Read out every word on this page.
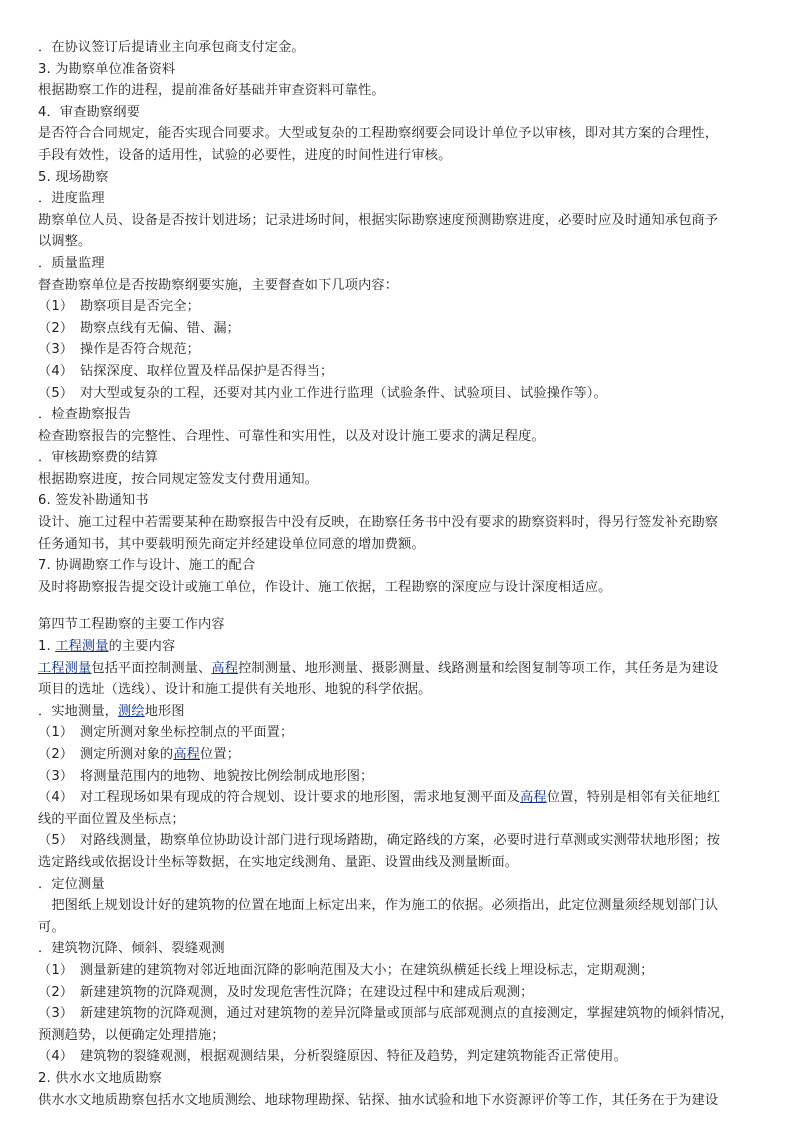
．在协议签订后提请业主向承包商支付定金。
3. 为勘察单位准备资料
根据勘察工作的进程，提前准备好基础并审查资料可靠性。
4．审查勘察纲要
是否符合合同规定，能否实现合同要求。大型或复杂的工程勘察纲要会同设计单位予以审核，即对其方案的合理性，
手段有效性，设备的适用性，试验的必要性，进度的时间性进行审核。
5. 现场勘察
．进度监理
勘察单位人员、设备是否按计划进场；记录进场时间，根据实际勘察速度预测勘察进度，必要时应及时通知承包商予
以调整。
．质量监理
督查勘察单位是否按勘察纲要实施，主要督查如下几项内容：
（1）　勘察项目是否完全；
（2）　勘察点线有无偏、错、漏；
（3）　操作是否符合规范；
（4）　钻探深度、取样位置及样品保护是否得当；
（5）　对大型或复杂的工程，还要对其内业工作进行监理（试验条件、试验项目、试验操作等）。
．检查勘察报告
检查勘察报告的完整性、合理性、可靠性和实用性，以及对设计施工要求的满足程度。
．审核勘察费的结算
根据勘察进度，按合同规定签发支付费用通知。
6. 签发补勘通知书
设计、施工过程中若需要某种在勘察报告中没有反映，在勘察任务书中没有要求的勘察资料时，得另行签发补充勘察
任务通知书，其中要载明预先商定并经建设单位同意的增加费额。
7. 协调勘察工作与设计、施工的配合
及时将勘察报告提交设计或施工单位，作设计、施工依据，工程勘察的深度应与设计深度相适应。
第四节工程勘察的主要工作内容
1. 工程测量的主要内容
工程测量包括平面控制测量、高程控制测量、地形测量、摄影测量、线路测量和绘图复制等项工作，其任务是为建设
项目的选址（选线）、设计和施工提供有关地形、地貌的科学依据。
．实地测量，测绘地形图
（1）　测定所测对象坐标控制点的平面置；
（2）　测定所测对象的高程位置；
（3）　将测量范围内的地物、地貌按比例绘制成地形图；
（4）　对工程现场如果有现成的符合规划、设计要求的地形图，需求地复测平面及高程位置，特别是相邻有关征地红
线的平面位置及坐标点；
（5）　对路线测量，勘察单位协助设计部门进行现场踏勘，确定路线的方案，必要时进行草测或实测带状地形图；按
选定路线或依据设计坐标等数据，在实地定线测角、量距、设置曲线及测量断面。
．定位测量
　把图纸上规划设计好的建筑物的位置在地面上标定出来，作为施工的依据。必须指出，此定位测量须经规划部门认
可。
．建筑物沉降、倾斜、裂缝观测
（1）　测量新建的建筑物对邻近地面沉降的影响范围及大小；在建筑纵横延长线上埋设标志，定期观测；
（2）　新建建筑物的沉降观测，及时发现危害性沉降；在建设过程中和建成后观测；
（3）　新建建筑物的沉降观测，通过对建筑物的差异沉降量或顶部与底部观测点的直接测定，掌握建筑物的倾斜情况，
预测趋势，以便确定处理措施；
（4）　建筑物的裂缝观测，根据观测结果，分析裂缝原因、特征及趋势，判定建筑物能否正常使用。
2. 供水水文地质勘察
供水水文地质勘察包括水文地质测绘、地球物理勘探、钻探、抽水试验和地下水资源评价等工作，其任务在于为建设
